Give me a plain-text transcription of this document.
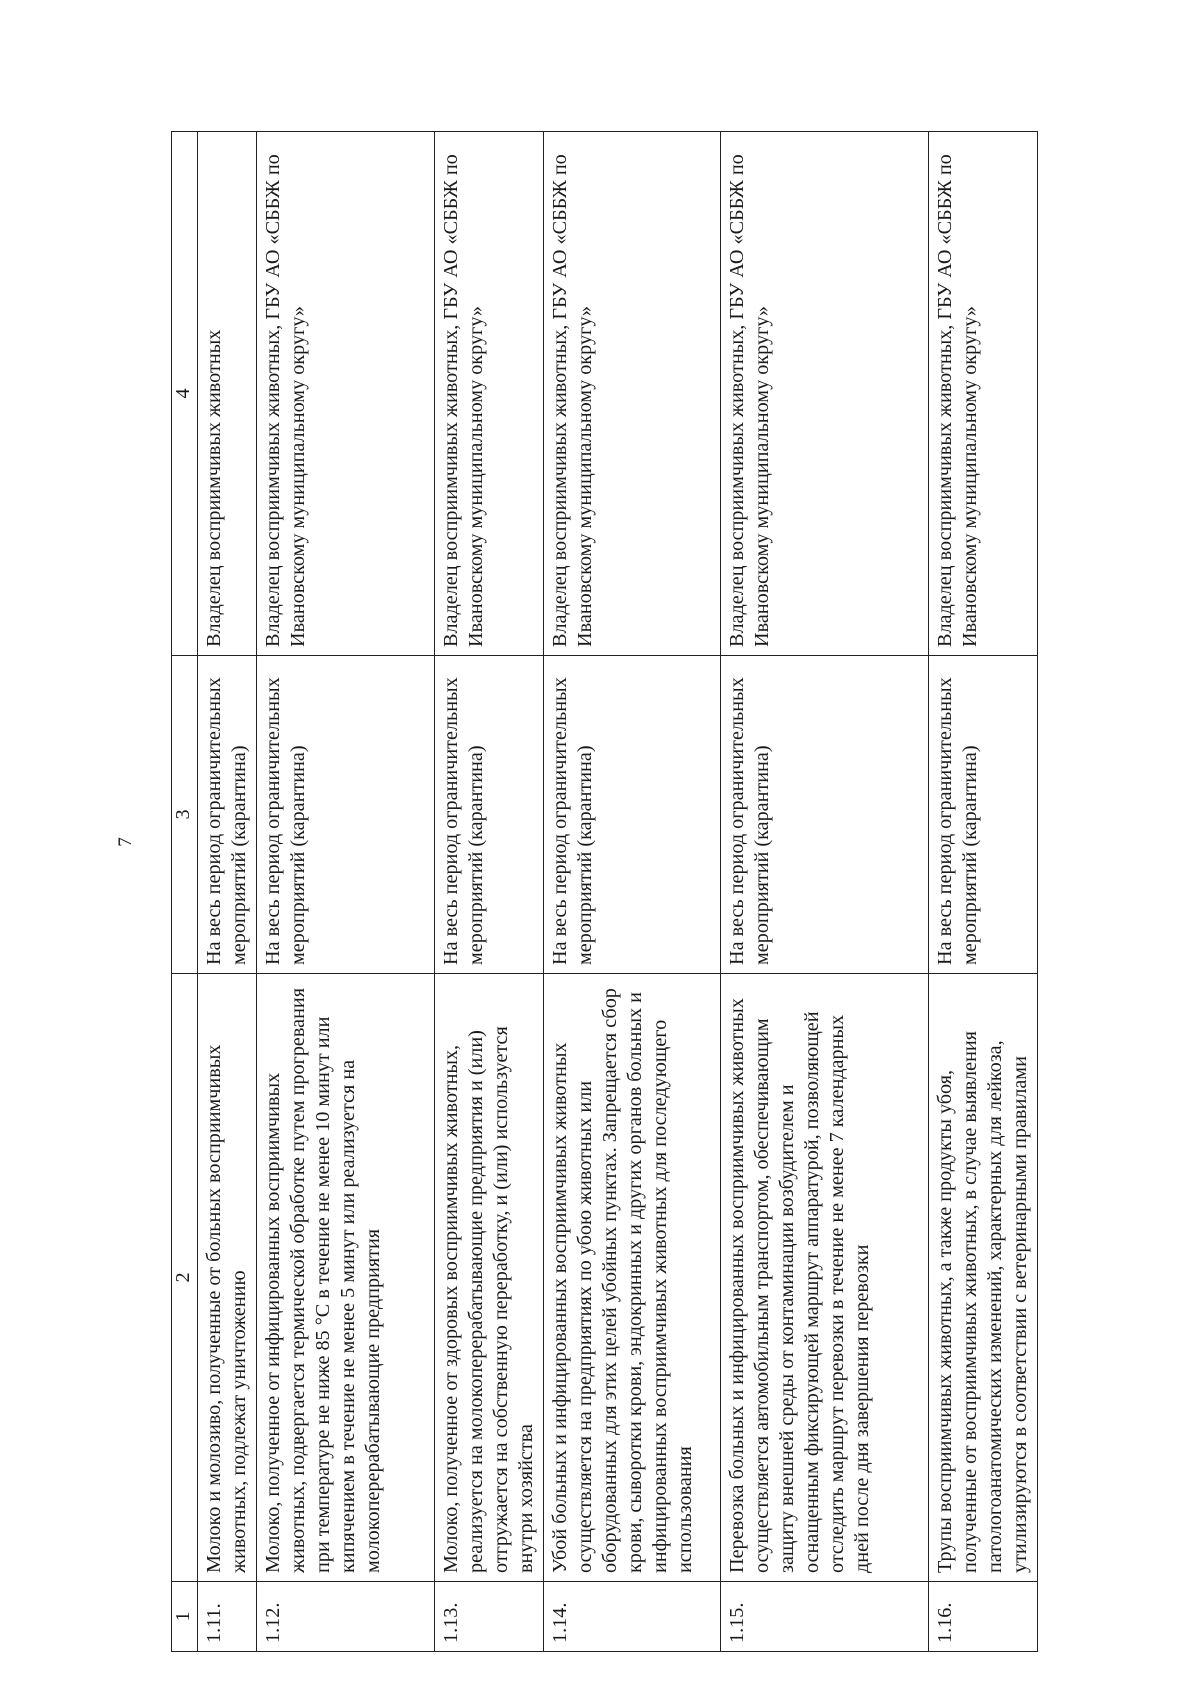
7
1	2	3	4
1.11.	Молоко и молозиво, полученные от больных восприимчивых животных, подлежат уничтожению	На весь период ограничительных мероприятий (карантина)	Владелец восприимчивых животных
1.12.	Молоко, полученное от инфицированных восприимчивых животных, подвергается термической обработке путем прогревания при температуре не ниже 85 °С в течение не менее 10 минут или кипячением в течение не менее 5 минут или реализуется на молокоперерабатывающие предприятия	На весь период ограничительных мероприятий (карантина)	Владелец восприимчивых животных, ГБУ АО «СББЖ по Ивановскому муниципальному округу»
1.13.	Молоко, полученное от здоровых восприимчивых животных, реализуется на молокоперерабатывающие предприятия и (или) отгружается на собственную переработку, и (или) используется внутри хозяйства	На весь период ограничительных мероприятий (карантина)	Владелец восприимчивых животных, ГБУ АО «СББЖ по Ивановскому муниципальному округу»
1.14.	Убой больных и инфицированных восприимчивых животных осуществляется на предприятиях по убою животных или оборудованных для этих целей убойных пунктах. Запрещается сбор крови, сыворотки крови, эндокринных и других органов больных и инфицированных восприимчивых животных для последующего использования	На весь период ограничительных мероприятий (карантина)	Владелец восприимчивых животных, ГБУ АО «СББЖ по Ивановскому муниципальному округу»
1.15.	Перевозка больных и инфицированных восприимчивых животных осуществляется автомобильным транспортом, обеспечивающим защиту внешней среды от контаминации возбудителем и оснащенным фиксирующей маршрут аппаратурой, позволяющей отследить маршрут перевозки в течение не менее 7 календарных дней после дня завершения перевозки	На весь период ограничительных мероприятий (карантина)	Владелец восприимчивых животных, ГБУ АО «СББЖ по Ивановскому муниципальному округу»
1.16.	Трупы восприимчивых животных, а также продукты убоя, полученные от восприимчивых животных, в случае выявления патологоанатомических изменений, характерных для лейкоза, утилизируются в соответствии с ветеринарными правилами	На весь период ограничительных мероприятий (карантина)	Владелец восприимчивых животных, ГБУ АО «СББЖ по Ивановскому муниципальному округу»
